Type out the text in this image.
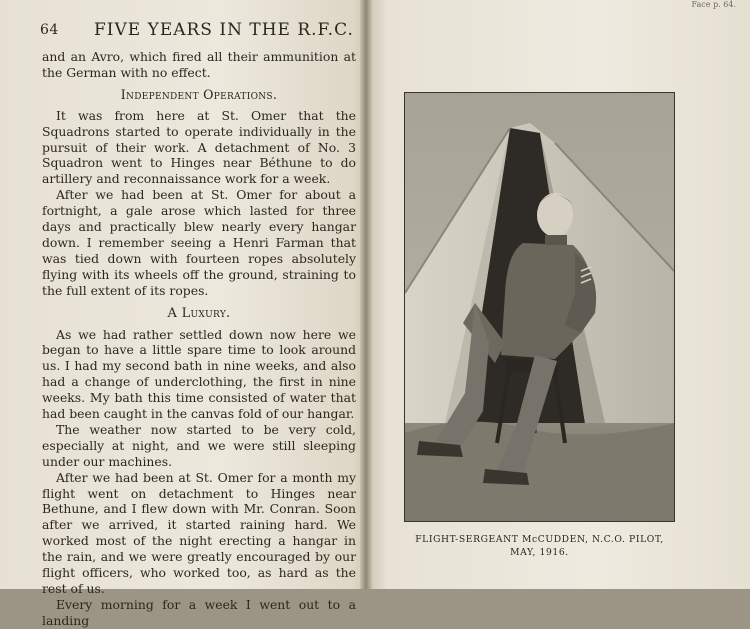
64 FIVE YEARS IN THE R.F.C.

and an Avro, which fired all their ammunition at the German with no effect.

Independent Operations.

It was from here at St. Omer that the Squadrons started to operate individually in the pursuit of their work. A detachment of No. 3 Squadron went to Hinges near Béthune to do artillery and reconnaissance work for a week.

After we had been at St. Omer for about a fortnight, a gale arose which lasted for three days and practically blew nearly every hangar down. I remember seeing a Henri Farman that was tied down with fourteen ropes absolutely flying with its wheels off the ground, straining to the full extent of its ropes.

A Luxury.

As we had rather settled down now here we began to have a little spare time to look around us. I had my second bath in nine weeks, and also had a change of underclothing, the first in nine weeks. My bath this time consisted of water that had been caught in the canvas fold of our hangar.

The weather now started to be very cold, especially at night, and we were still sleeping under our machines.

After we had been at St. Omer for a month my flight went on detachment to Hinges near Bethune, and I flew down with Mr. Conran. Soon after we arrived, it started raining hard. We worked most of the night erecting a hangar in the rain, and we were greatly encouraged by our flight officers, who worked too, as hard as the rest of us.

Every morning for a week I went out to a landing

Face p. 64.
FLIGHT-SERGEANT McCUDDEN, N.C.O. PILOT,
MAY, 1916.
